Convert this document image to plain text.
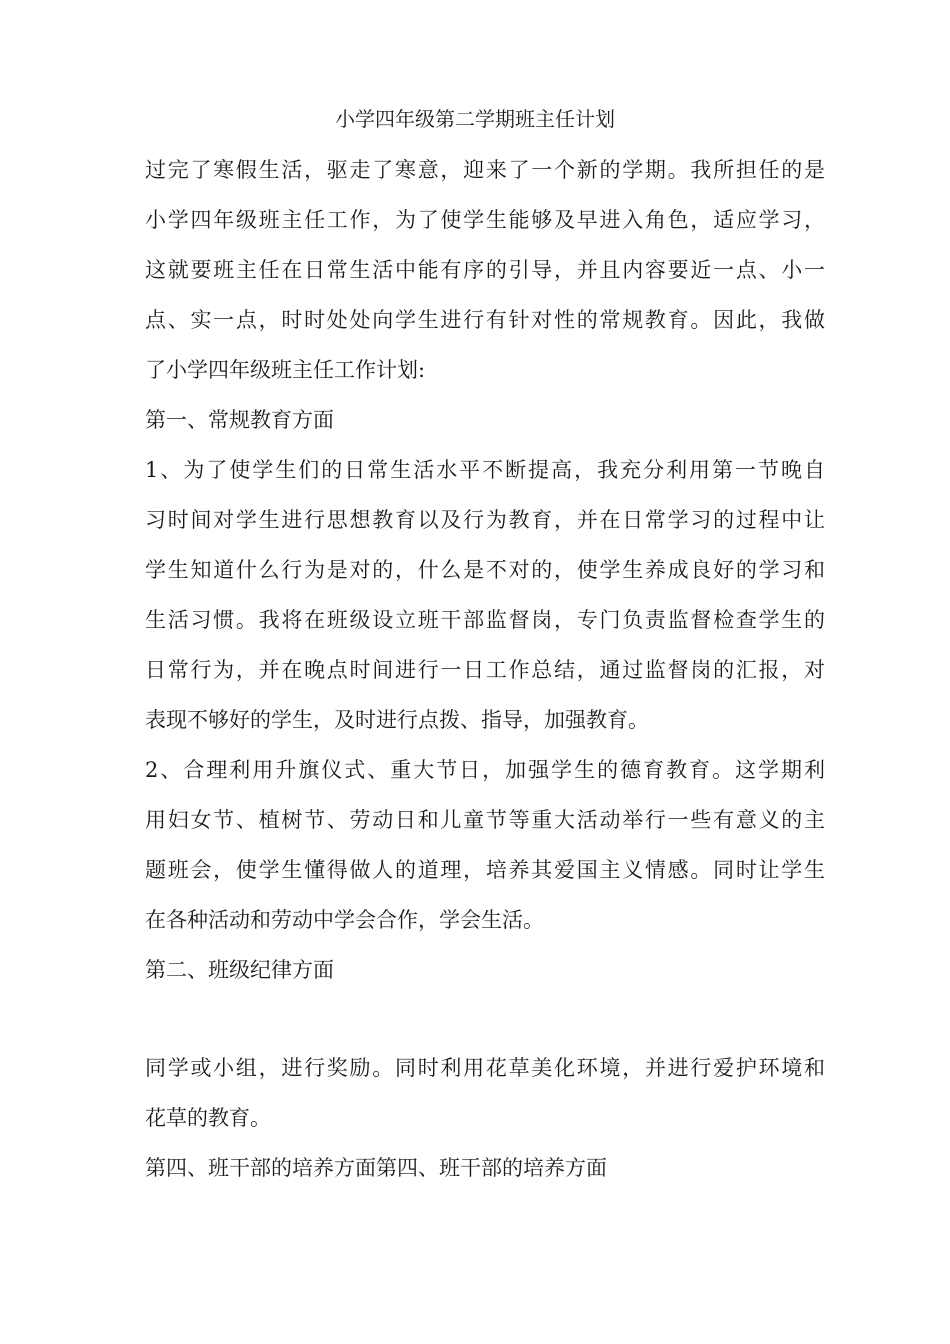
小学四年级第二学期班主任计划

过完了寒假生活，驱走了寒意，迎来了一个新的学期。我所担任的是

小学四年级班主任工作，为了使学生能够及早进入角色，适应学习，

这就要班主任在日常生活中能有序的引导，并且内容要近一点、小一

点、实一点，时时处处向学生进行有针对性的常规教育。因此，我做

了小学四年级班主任工作计划:

第一、常规教育方面

1、为了使学生们的日常生活水平不断提高，我充分利用第一节晚自

习时间对学生进行思想教育以及行为教育，并在日常学习的过程中让

学生知道什么行为是对的，什么是不对的，使学生养成良好的学习和

生活习惯。我将在班级设立班干部监督岗，专门负责监督检查学生的

日常行为，并在晚点时间进行一日工作总结，通过监督岗的汇报，对

表现不够好的学生，及时进行点拨、指导，加强教育。

2、合理利用升旗仪式、重大节日，加强学生的德育教育。这学期利

用妇女节、植树节、劳动日和儿童节等重大活动举行一些有意义的主

题班会，使学生懂得做人的道理，培养其爱国主义情感。同时让学生

在各种活动和劳动中学会合作，学会生活。

第二、班级纪律方面

同学或小组，进行奖励。同时利用花草美化环境，并进行爱护环境和

花草的教育。

第四、班干部的培养方面第四、班干部的培养方面
